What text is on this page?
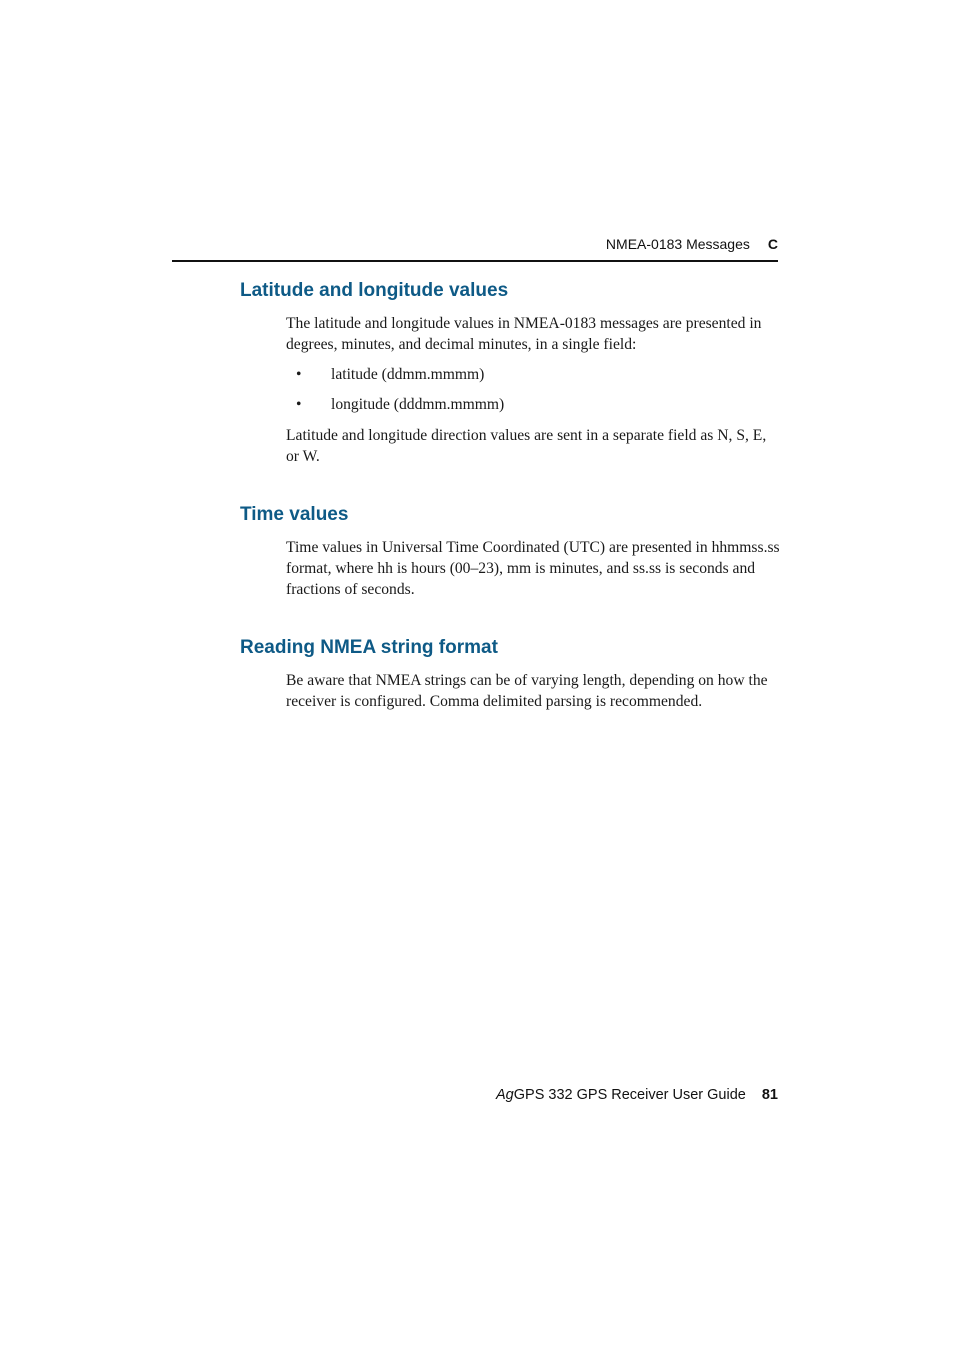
NMEA-0183 Messages C
Latitude and longitude values

The latitude and longitude values in NMEA-0183 messages are presented in degrees, minutes, and decimal minutes, in a single field:

•	latitude (ddmm.mmmm)
•	longitude (dddmm.mmmm)

Latitude and longitude direction values are sent in a separate field as N, S, E, or W.

Time values

Time values in Universal Time Coordinated (UTC) are presented in hhmmss.ss format, where hh is hours (00–23), mm is minutes, and ss.ss is seconds and fractions of seconds.

Reading NMEA string format

Be aware that NMEA strings can be of varying length, depending on how the receiver is configured. Comma delimited parsing is recommended.

AgGPS 332 GPS Receiver User Guide 81
